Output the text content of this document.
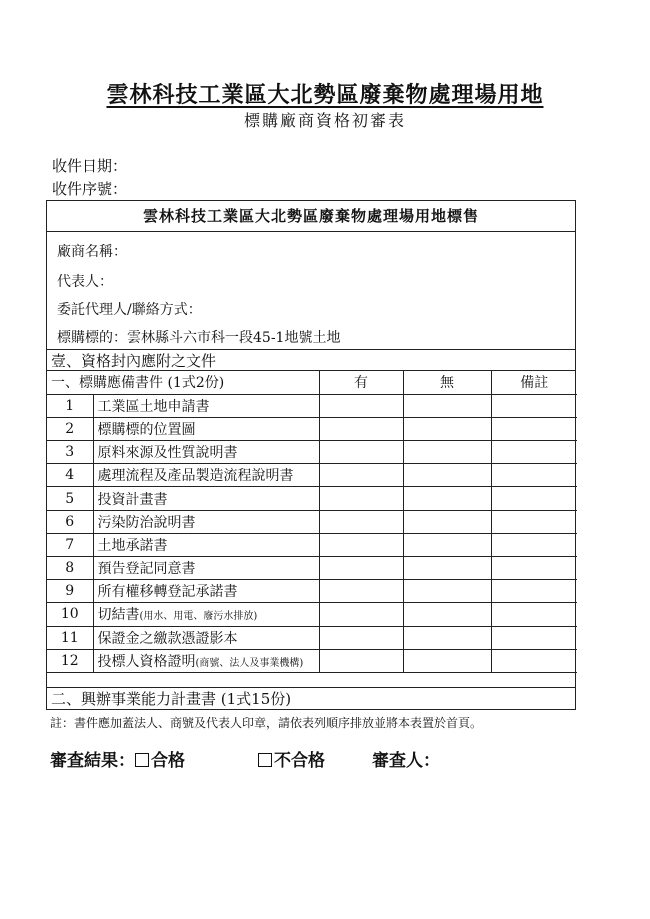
雲林科技工業區大北勢區廢棄物處理場用地
標購廠商資格初審表
收件日期：
收件序號：
雲林科技工業區大北勢區廢棄物處理場用地標售
廠商名稱：
代表人：
委託代理人/聯絡方式：
標購標的：雲林縣斗六市科一段45-1地號土地
壹、資格封內應附之文件
一、標購應備書件 (1式2份)		有	無	備註
1	工業區土地申請書			
2	標購標的位置圖			
3	原料來源及性質說明書			
4	處理流程及產品製造流程說明書			
5	投資計畫書			
6	污染防治說明書			
7	土地承諾書			
8	預告登記同意書			
9	所有權移轉登記承諾書			
10	切結書(用水、用電、廢污水排放)			
11	保證金之繳款憑證影本			
12	投標人資格證明(商號、法人及事業機構)			
二、興辦事業能力計畫書 (1式15份)
註：書件應加蓋法人、商號及代表人印章，請依表列順序排放並將本表置於首頁。
審查結果： 合格	不合格	審查人：
